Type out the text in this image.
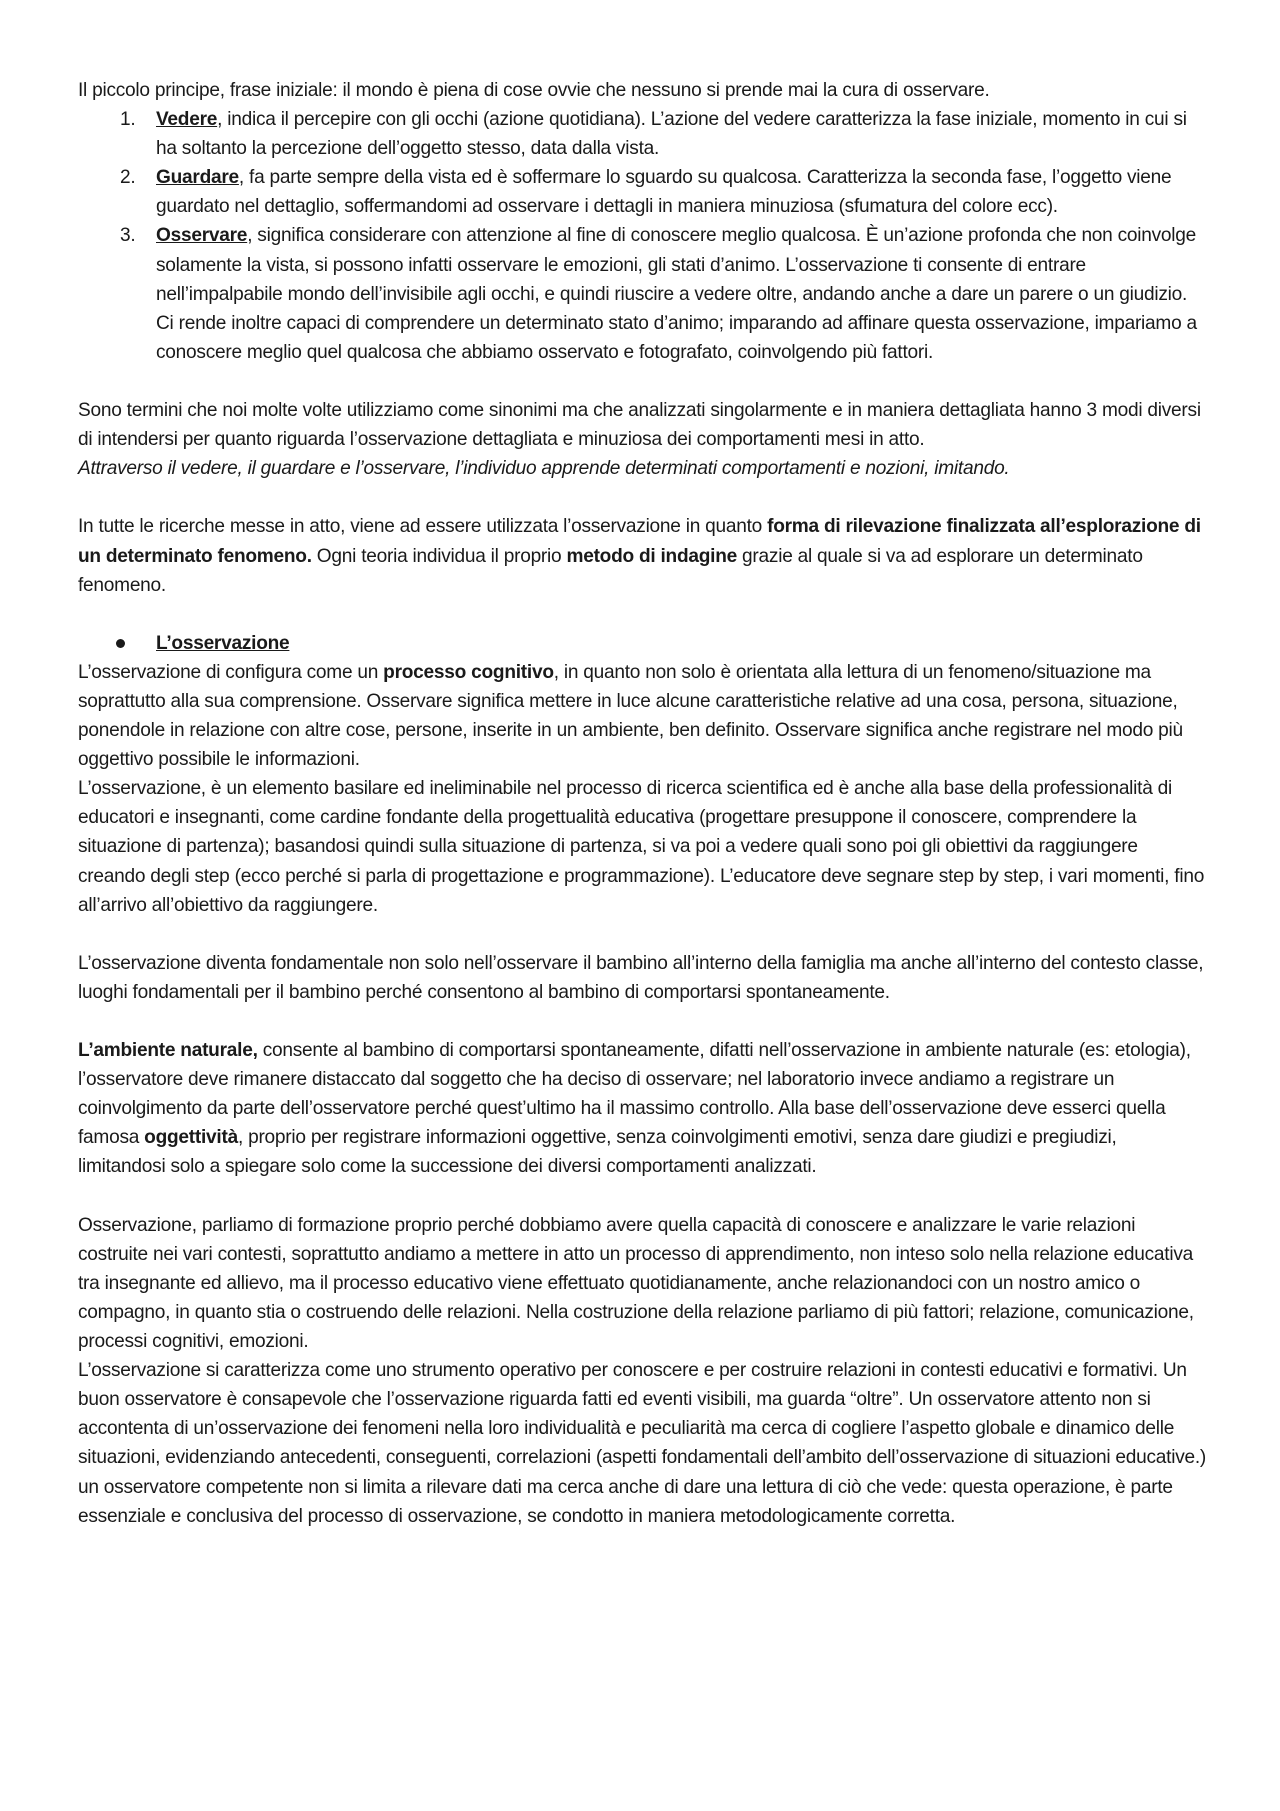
Il piccolo principe, frase iniziale: il mondo è piena di cose ovvie che nessuno si prende mai la cura di osservare.

1. Vedere, indica il percepire con gli occhi (azione quotidiana). L’azione del vedere caratterizza la fase iniziale, momento in cui si ha soltanto la percezione dell’oggetto stesso, data dalla vista.
2. Guardare, fa parte sempre della vista ed è soffermare lo sguardo su qualcosa. Caratterizza la seconda fase, l’oggetto viene guardato nel dettaglio, soffermandomi ad osservare i dettagli in maniera minuziosa (sfumatura del colore ecc).
3. Osservare, significa considerare con attenzione al fine di conoscere meglio qualcosa. È un’azione profonda che non coinvolge solamente la vista, si possono infatti osservare le emozioni, gli stati d’animo. L’osservazione ti consente di entrare nell’impalpabile mondo dell’invisibile agli occhi, e quindi riuscire a vedere oltre, andando anche a dare un parere o un giudizio. Ci rende inoltre capaci di comprendere un determinato stato d’animo; imparando ad affinare questa osservazione, impariamo a conoscere meglio quel qualcosa che abbiamo osservato e fotografato, coinvolgendo più fattori.

Sono termini che noi molte volte utilizziamo come sinonimi ma che analizzati singolarmente e in maniera dettagliata hanno 3 modi diversi di intendersi per quanto riguarda l’osservazione dettagliata e minuziosa dei comportamenti mesi in atto.

Attraverso il vedere, il guardare e l’osservare, l’individuo apprende determinati comportamenti e nozioni, imitando.

In tutte le ricerche messe in atto, viene ad essere utilizzata l’osservazione in quanto forma di rilevazione finalizzata all’esplorazione di un determinato fenomeno. Ogni teoria individua il proprio metodo di indagine grazie al quale si va ad esplorare un determinato fenomeno.

L’osservazione

L’osservazione di configura come un processo cognitivo, in quanto non solo è orientata alla lettura di un fenomeno/situazione ma soprattutto alla sua comprensione. Osservare significa mettere in luce alcune caratteristiche relative ad una cosa, persona, situazione, ponendole in relazione con altre cose, persone, inserite in un ambiente, ben definito. Osservare significa anche registrare nel modo più oggettivo possibile le informazioni.

L’osservazione, è un elemento basilare ed ineliminabile nel processo di ricerca scientifica ed è anche alla base della professionalità di educatori e insegnanti, come cardine fondante della progettualità educativa (progettare presuppone il conoscere, comprendere la situazione di partenza); basandosi quindi sulla situazione di partenza, si va poi a vedere quali sono poi gli obiettivi da raggiungere creando degli step (ecco perché si parla di progettazione e programmazione). L’educatore deve segnare step by step, i vari momenti, fino all’arrivo all’obiettivo da raggiungere.

L’osservazione diventa fondamentale non solo nell’osservare il bambino all’interno della famiglia ma anche all’interno del contesto classe, luoghi fondamentali per il bambino perché consentono al bambino di comportarsi spontaneamente.

L’ambiente naturale, consente al bambino di comportarsi spontaneamente, difatti nell’osservazione in ambiente naturale (es: etologia), l’osservatore deve rimanere distaccato dal soggetto che ha deciso di osservare; nel laboratorio invece andiamo a registrare un coinvolgimento da parte dell’osservatore perché quest’ultimo ha il massimo controllo. Alla base dell’osservazione deve esserci quella famosa oggettività, proprio per registrare informazioni oggettive, senza coinvolgimenti emotivi, senza dare giudizi e pregiudizi, limitandosi solo a spiegare solo come la successione dei diversi comportamenti analizzati.

Osservazione, parliamo di formazione proprio perché dobbiamo avere quella capacità di conoscere e analizzare le varie relazioni costruite nei vari contesti, soprattutto andiamo a mettere in atto un processo di apprendimento, non inteso solo nella relazione educativa tra insegnante ed allievo, ma il processo educativo viene effettuato quotidianamente, anche relazionandoci con un nostro amico o compagno, in quanto stia o costruendo delle relazioni. Nella costruzione della relazione parliamo di più fattori; relazione, comunicazione, processi cognitivi, emozioni.

L’osservazione si caratterizza come uno strumento operativo per conoscere e per costruire relazioni in contesti educativi e formativi. Un buon osservatore è consapevole che l’osservazione riguarda fatti ed eventi visibili, ma guarda “oltre”. Un osservatore attento non si accontenta di un’osservazione dei fenomeni nella loro individualità e peculiarità ma cerca di cogliere l’aspetto globale e dinamico delle situazioni, evidenziando antecedenti, conseguenti, correlazioni (aspetti fondamentali dell’ambito dell’osservazione di situazioni educative.) un osservatore competente non si limita a rilevare dati ma cerca anche di dare una lettura di ciò che vede: questa operazione, è parte essenziale e conclusiva del processo di osservazione, se condotto in maniera metodologicamente corretta.
